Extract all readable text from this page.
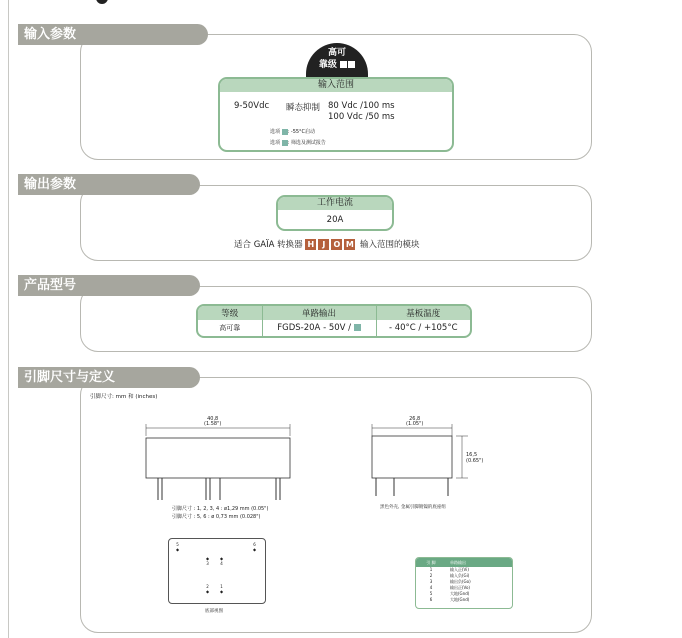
输入参数
高可
靠级
输入范围
9-50Vdc 瞬态抑制 80 Vdc /100 ms
100 Vdc /50 ms
选项 : -55°C启动
选项 : 筛选及测试报告
输出参数
工作电流
20A
适合 GAÏA 转换器 H J O M 输入范围的模块
产品型号
等级	单路输出	基板温度
高可靠	FGDS-20A - 50V /	- 40°C / +105°C
引脚尺寸与定义
引脚尺寸: mm 和 (inches)
40,8
(1.58")
引脚尺寸 : 1, 2, 3, 4 : ø1,29 mm (0.05")
引脚尺寸 : 5, 6 : ø 0,73 mm (0.028")
26,8
(1.05")
16,5
(0.65")
黑色外壳, 金属引脚镀镍的底座组
5
◆
6
◆
◆
3
◆
4
2
◆
1
◆
底部视图
引 脚	单路输出
1	输入正(Vi)
2	输入负(Gi)
3	输出负(Go)
4	输出正(Vo)
5	大地(Gnd)
6	大地(Gnd)
